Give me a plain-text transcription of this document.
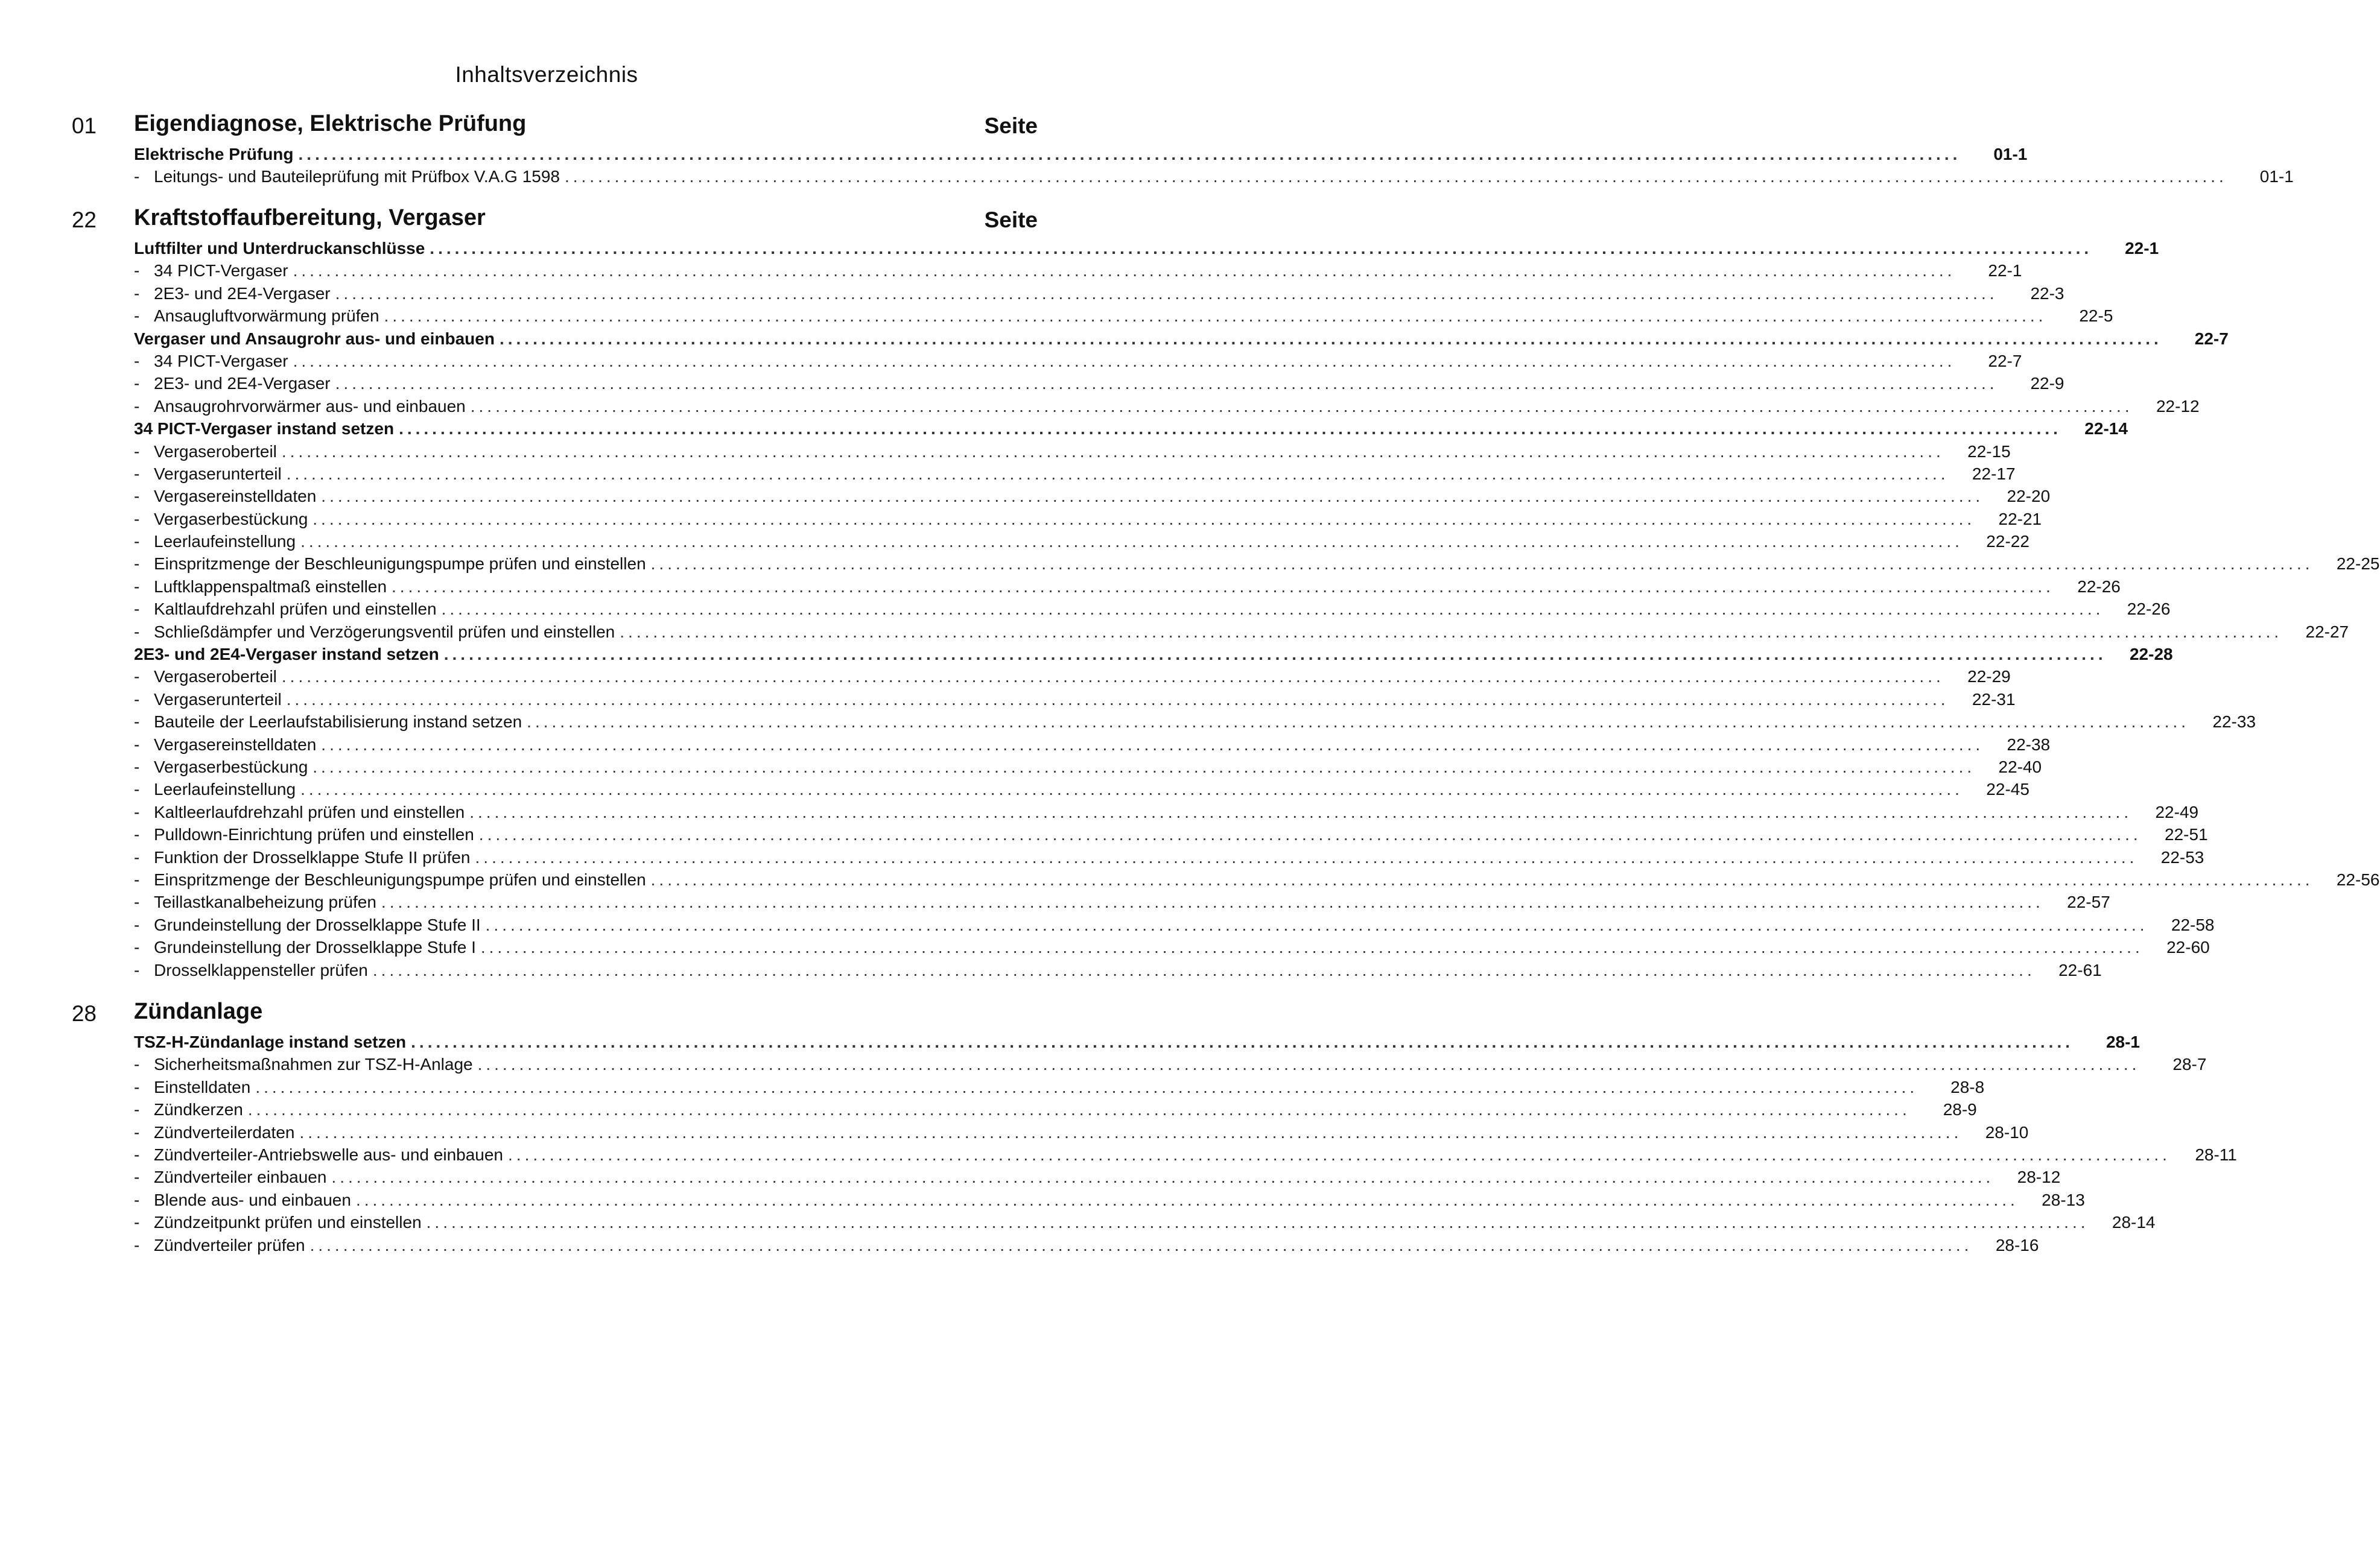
Inhaltsverzeichnis
01 Eigendiagnose, Elektrische Prüfung	Seite
Elektrische Prüfung ........................................................................................................................................................................................................	01-1
- Leitungs- und Bauteileprüfung mit Prüfbox V.A.G 1598 ........................................................................................................................................................................................................	01-1
22 Kraftstoffaufbereitung, Vergaser	Seite
Luftfilter und Unterdruckanschlüsse ........................................................................................................................................................................................................	22-1
- 34 PICT-Vergaser ........................................................................................................................................................................................................	22-1
- 2E3- und 2E4-Vergaser ........................................................................................................................................................................................................	22-3
- Ansaugluftvorwärmung prüfen ........................................................................................................................................................................................................	22-5
Vergaser und Ansaugrohr aus- und einbauen ........................................................................................................................................................................................................	22-7
- 34 PICT-Vergaser ........................................................................................................................................................................................................	22-7
- 2E3- und 2E4-Vergaser ........................................................................................................................................................................................................	22-9
- Ansaugrohrvorwärmer aus- und einbauen ........................................................................................................................................................................................................	22-12
34 PICT-Vergaser instand setzen ........................................................................................................................................................................................................	22-14
- Vergaseroberteil ........................................................................................................................................................................................................	22-15
- Vergaserunterteil ........................................................................................................................................................................................................	22-17
- Vergasereinstelldaten ........................................................................................................................................................................................................	22-20
- Vergaserbestückung ........................................................................................................................................................................................................	22-21
- Leerlaufeinstellung ........................................................................................................................................................................................................	22-22
- Einspritzmenge der Beschleunigungspumpe prüfen und einstellen ........................................................................................................................................................................................................	22-25
- Luftklappenspaltmaß einstellen ........................................................................................................................................................................................................	22-26
- Kaltlaufdrehzahl prüfen und einstellen ........................................................................................................................................................................................................	22-26
- Schließdämpfer und Verzögerungsventil prüfen und einstellen ........................................................................................................................................................................................................	22-27
2E3- und 2E4-Vergaser instand setzen ........................................................................................................................................................................................................	22-28
- Vergaseroberteil ........................................................................................................................................................................................................	22-29
- Vergaserunterteil ........................................................................................................................................................................................................	22-31
- Bauteile der Leerlaufstabilisierung instand setzen ........................................................................................................................................................................................................	22-33
- Vergasereinstelldaten ........................................................................................................................................................................................................	22-38
- Vergaserbestückung ........................................................................................................................................................................................................	22-40
- Leerlaufeinstellung ........................................................................................................................................................................................................	22-45
- Kaltleerlaufdrehzahl prüfen und einstellen ........................................................................................................................................................................................................	22-49
- Pulldown-Einrichtung prüfen und einstellen ........................................................................................................................................................................................................	22-51
- Funktion der Drosselklappe Stufe II prüfen ........................................................................................................................................................................................................	22-53
- Einspritzmenge der Beschleunigungspumpe prüfen und einstellen ........................................................................................................................................................................................................	22-56
- Teillastkanalbeheizung prüfen ........................................................................................................................................................................................................	22-57
- Grundeinstellung der Drosselklappe Stufe II ........................................................................................................................................................................................................	22-58
- Grundeinstellung der Drosselklappe Stufe I ........................................................................................................................................................................................................	22-60
- Drosselklappensteller prüfen ........................................................................................................................................................................................................	22-61
28 Zündanlage
TSZ-H-Zündanlage instand setzen ........................................................................................................................................................................................................	28-1
- Sicherheitsmaßnahmen zur TSZ-H-Anlage ........................................................................................................................................................................................................	28-7
- Einstelldaten ........................................................................................................................................................................................................	28-8
- Zündkerzen ........................................................................................................................................................................................................	28-9
- Zündverteilerdaten ........................................................................................................................................................................................................	28-10
- Zündverteiler-Antriebswelle aus- und einbauen ........................................................................................................................................................................................................	28-11
- Zündverteiler einbauen ........................................................................................................................................................................................................	28-12
- Blende aus- und einbauen ........................................................................................................................................................................................................	28-13
- Zündzeitpunkt prüfen und einstellen ........................................................................................................................................................................................................	28-14
- Zündverteiler prüfen ........................................................................................................................................................................................................	28-16
